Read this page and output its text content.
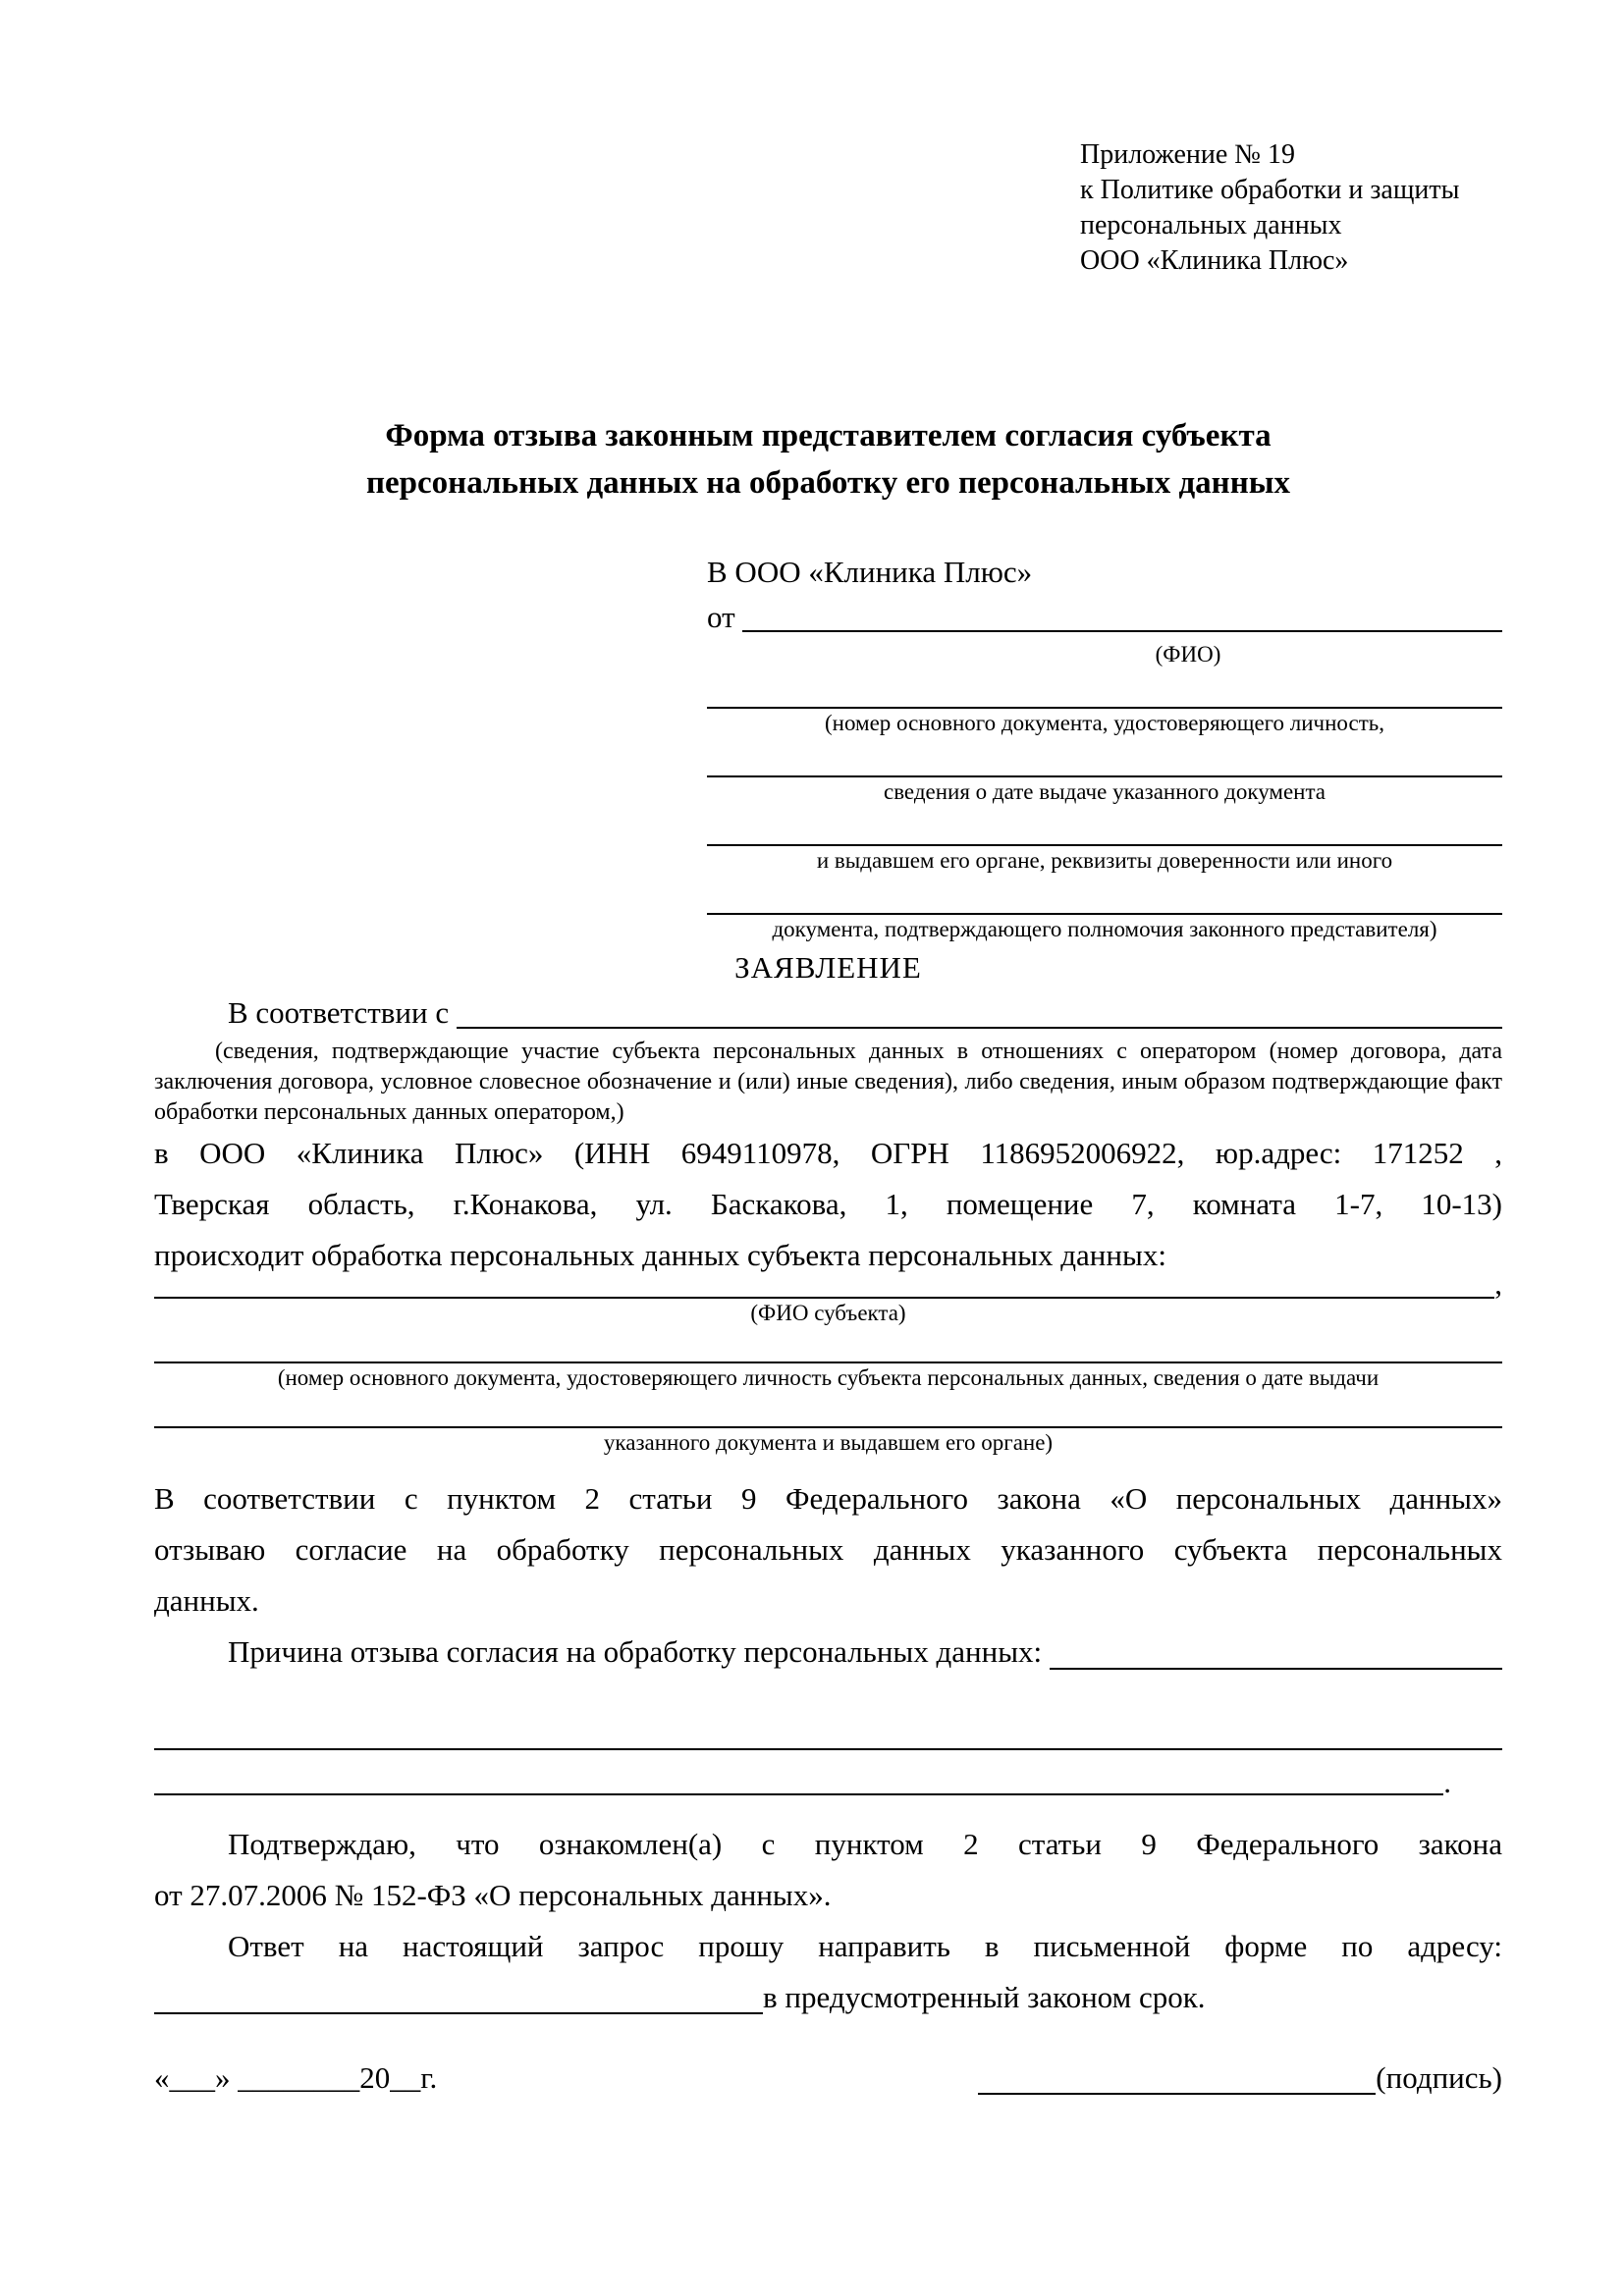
Приложение № 19
к Политике обработки и защиты
персональных данных
ООО «Клиника Плюс»
Форма отзыва законным представителем согласия субъекта
персональных данных на обработку его персональных данных
В ООО «Клиника Плюс»
от
(ФИО)
(номер основного документа, удостоверяющего личность,
сведения о дате выдаче указанного документа
и выдавшем его органе, реквизиты доверенности или иного
документа, подтверждающего полномочия законного представителя)
ЗАЯВЛЕНИЕ
В соответствии с
(сведения, подтверждающие участие субъекта персональных данных в отношениях с оператором (номер договора, дата
заключения договора, условное словесное обозначение и (или) иные сведения), либо сведения, иным образом подтверждающие факт
обработки персональных данных оператором,)
в ООО «Клиника Плюс» (ИНН 6949110978, ОГРН 1186952006922, юр.адрес: 171252 ,
Тверская область, г.Конакова, ул. Баскакова, 1, помещение 7, комната 1-7, 10-13)
происходит обработка персональных данных субъекта персональных данных:
,
(ФИО субъекта)
(номер основного документа, удостоверяющего личность субъекта персональных данных, сведения о дате выдачи
указанного документа и выдавшем его органе)
В соответствии с пунктом 2 статьи 9 Федерального закона «О персональных данных»
отзываю согласие на обработку персональных данных указанного субъекта персональных
данных.
Причина отзыва согласия на обработку персональных данных:
.
Подтверждаю, что ознакомлен(а) с пунктом 2 статьи 9 Федерального закона
от 27.07.2006 № 152-ФЗ «О персональных данных».
Ответ на настоящий запрос прошу направить в письменной форме по адресу:
в предусмотренный законом срок.
«___» ________20__г.	(подпись)
